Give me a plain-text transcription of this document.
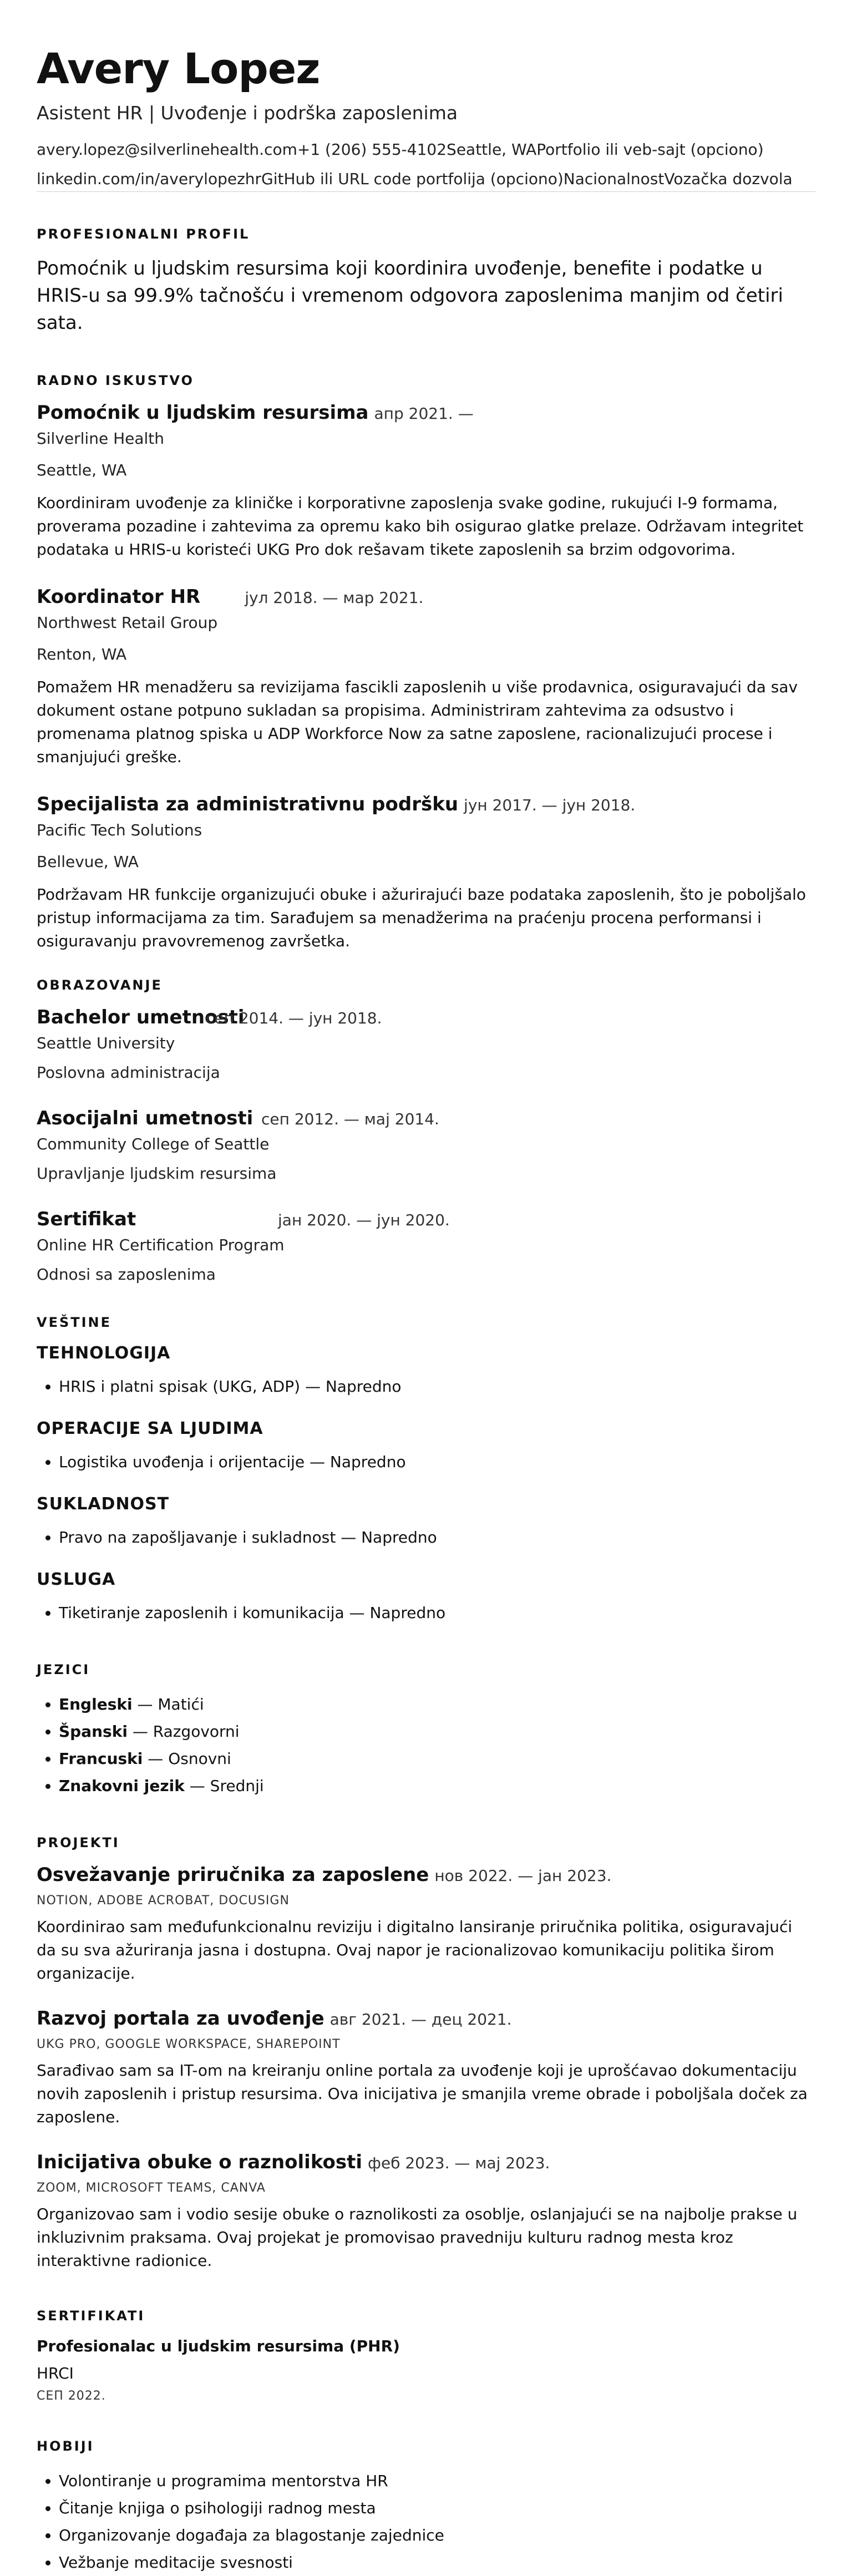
Avery Lopez
Asistent HR | Uvođenje i podrška zaposlenima
avery.lopez@silverlinehealth.com+1 (206) 555-4102Seattle, WAPortfolio ili veb-sajt (opciono)
linkedin.com/in/averylopezhrGitHub ili URL code portfolija (opciono)NacionalnostVozačka dozvola
PROFESIONALNI PROFIL

Pomoćnik u ljudskim resursima koji koordinira uvođenje, benefite i podatke u HRIS-u sa 99.9% tačnošću i vremenom odgovora zaposlenima manjim od četiri sata.

RADNO ISKUSTVO
Pomoćnik u ljudskim resursima апр 2021. —
Silverline Health
Seattle, WA
Koordiniram uvođenje za kliničke i korporativne zaposlenja svake godine, rukujući I-9 formama, proverama pozadine i zahtevima za opremu kako bih osigurao glatke prelaze. Održavam integritet podataka u HRIS-u koristeći UKG Pro dok rešavam tikete zaposlenih sa brzim odgovorima.
Koordinator HR	јул 2018. — мар 2021.
Northwest Retail Group
Renton, WA
Pomažem HR menadžeru sa revizijama fascikli zaposlenih u više prodavnica, osiguravajući da sav dokument ostane potpuno sukladan sa propisima. Administriram zahtevima za odsustvo i promenama platnog spiska u ADP Workforce Now za satne zaposlene, racionalizujući procese i smanjujući greške.
Specijalista za administrativnu podršku јун 2017. — јун 2018.
Pacific Tech Solutions
Bellevue, WA
Podržavam HR funkcije organizujući obuke i ažurirajući baze podataka zaposlenih, što je poboljšalo pristup informacijama za tim. Sarađujem sa menadžerima na praćenju procena performansi i osiguravanju pravovremenog završetka.
OBRAZOVANJE
Bachelor umetnosti
сеп 2014. — јун 2018.
Seattle University
Poslovna administracija
Asocijalni umetnosti сеп 2012. — мај 2014.
Community College of Seattle
Upravljanje ljudskim resursima
Sertifikat	јан 2020. — јун 2020.
Online HR Certification Program
Odnosi sa zaposlenima
VEŠTINE
TEHNOLOGIJA
• HRIS i platni spisak (UKG, ADP) — Napredno
OPERACIJE SA LJUDIMA
• Logistika uvođenja i orijentacije — Napredno
SUKLADNOST
• Pravo na zapošljavanje i sukladnost — Napredno
USLUGA
• Tiketiranje zaposlenih i komunikacija — Napredno
JEZICI
• Engleski — Matići
• Španski — Razgovorni
• Francuski — Osnovni
• Znakovni jezik — Srednji
PROJEKTI
Osvežavanje priručnika za zaposlene нов 2022. — јан 2023.
NOTION, ADOBE ACROBAT, DOCUSIGN
Koordinirao sam međufunkcionalnu reviziju i digitalno lansiranje priručnika politika, osiguravajući da su sva ažuriranja jasna i dostupna. Ovaj napor je racionalizovao komunikaciju politika širom organizacije.
Razvoj portala za uvođenje авг 2021. — дец 2021.
UKG PRO, GOOGLE WORKSPACE, SHAREPOINT
Sarađivao sam sa IT-om na kreiranju online portala za uvođenje koji je uprošćavao dokumentaciju novih zaposlenih i pristup resursima. Ova inicijativa je smanjila vreme obrade i poboljšala doček za zaposlene.
Inicijativa obuke o raznolikosti феб 2023. — мај 2023.
ZOOM, MICROSOFT TEAMS, CANVA
Organizovao sam i vodio sesije obuke o raznolikosti za osoblje, oslanjajući se na najbolje prakse u inkluzivnim praksama. Ovaj projekat je promovisao pravedniju kulturu radnog mesta kroz interaktivne radionice.
SERTIFIKATI
Profesionalac u ljudskim resursima (PHR)
HRCI
СЕП 2022.
HOBIJI
• Volontiranje u programima mentorstva HR
• Čitanje knjiga o psihologiji radnog mesta
• Organizovanje događaja za blagostanje zajednice
• Vežbanje meditacije svesnosti
